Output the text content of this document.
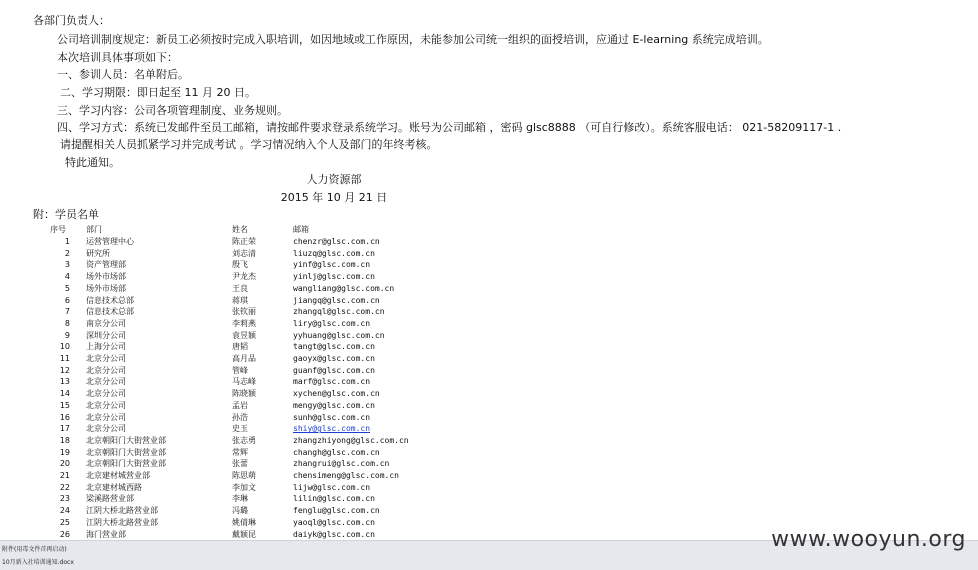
各部门负责人：
公司培训制度规定：新员工必须按时完成入职培训，如因地域或工作原因，未能参加公司统一组织的面授培训，应通过 E-learning 系统完成培训。
本次培训具体事项如下：
一、参训人员：名单附后。
二、学习期限：即日起至 11 月 20 日。
三、学习内容：公司各项管理制度、业务规则。
四、学习方式：系统已发邮件至员工邮箱，请按邮件要求登录系统学习。账号为公司邮箱 ，密码 glsc8888 （可自行修改）。系统客服电话： 021-58209117-1 .
请提醒相关人员抓紧学习并完成考试 。学习情况纳入个人及部门的年终考核。
特此通知。
人力资源部
2015 年 10 月 21 日
附：学员名单
序号	部门	姓名	邮箱
1 运营管理中心	陈正荣	chenzr@glsc.com.cn
2 研究所	刘志清	liuzq@glsc.com.cn
3 资产管理部	殷飞	yinf@glsc.com.cn
4 场外市场部	尹龙杰	yinlj@glsc.com.cn
5 场外市场部	王良	wangliang@glsc.com.cn
6 信息技术总部	蒋琪	jiangq@glsc.com.cn
7 信息技术总部	张钦丽	zhangql@glsc.com.cn
8 南京分公司	李莉燕	liry@glsc.com.cn
9 深圳分公司	袁昱颖	yyhuang@glsc.com.cn
10 上海分公司	唐韬	tangt@glsc.com.cn
11 北京分公司	高月品	gaoyx@glsc.com.cn
12 北京分公司	管峰	guanf@glsc.com.cn
13 北京分公司	马志峰	marf@glsc.com.cn
14 北京分公司	陈晓颖	xychen@glsc.com.cn
15 北京分公司	孟岩	mengy@glsc.com.cn
16 北京分公司	孙浩	sunh@glsc.com.cn
17 北京分公司	史玉	shiy@glsc.com.cn
18 北京朝阳门大街营业部	张志勇	zhangzhiyong@glsc.com.cn
19 北京朝阳门大街营业部	常辉	changh@glsc.com.cn
20 北京朝阳门大街营业部	张蕾	zhangrui@glsc.com.cn
21 北京建材城营业部	陈思萌	chensimeng@glsc.com.cn
22 北京建材城西路	李加文	lijw@glsc.com.cn
23 梁溪路营业部	李琳	lilin@glsc.com.cn
24 江阴大桥北路营业部	冯璐	fenglu@glsc.com.cn
25 江阴大桥北路营业部	姚倩琳	yaoql@glsc.com.cn
26 海门营业部	戴颖昆	daiyk@glsc.com.cn
附件(用毒文件首再启动)
10月新入社培训通知.docx
www.wooyun.org
